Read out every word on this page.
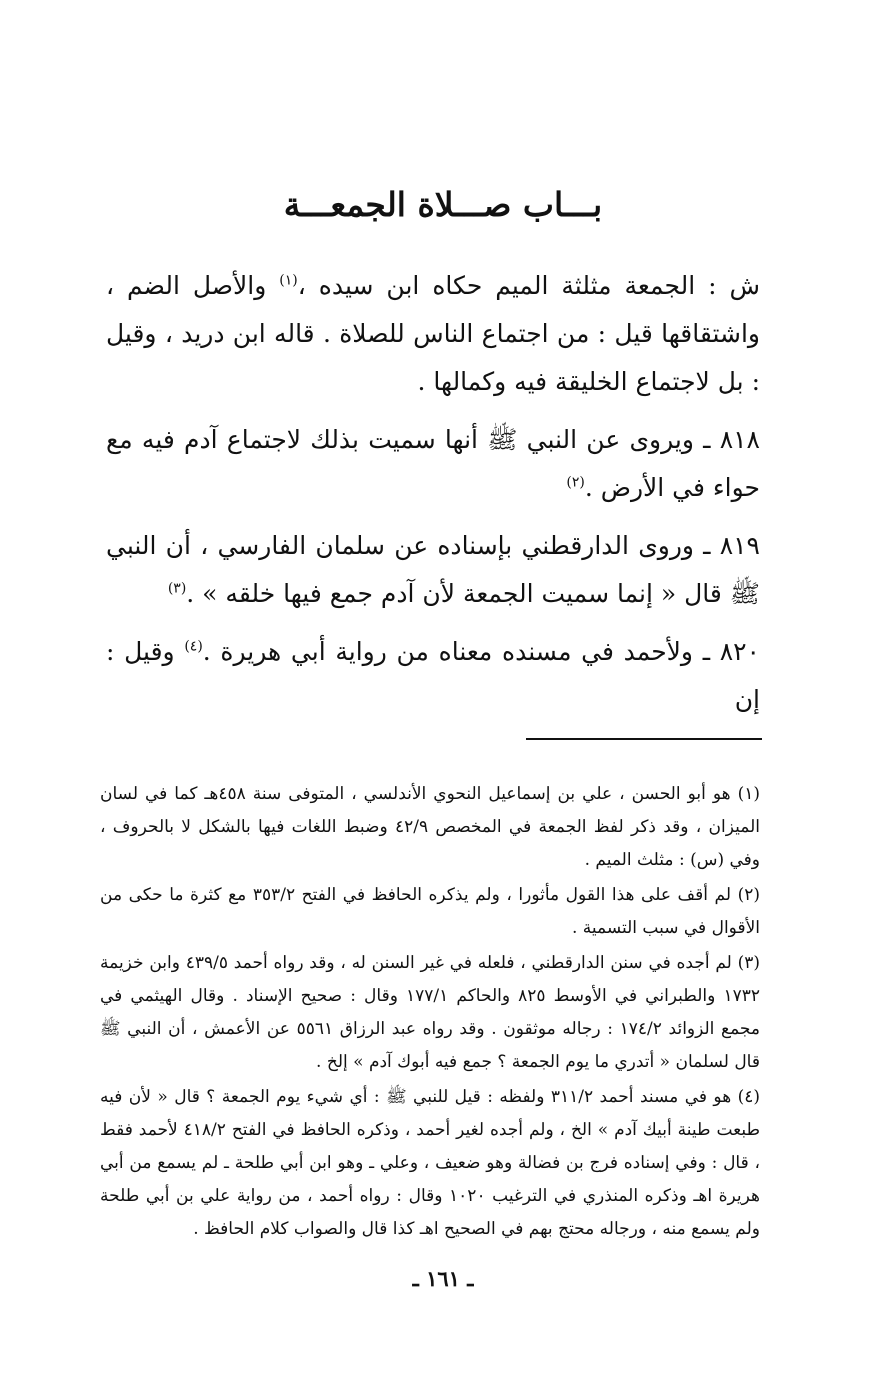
بـــاب صـــلاة الجمعـــة

ش : الجمعة مثلثة الميم حكاه ابن سيده ،$^{(١)}$ والأصل الضم ، واشتقاقها قيل : من اجتماع الناس للصلاة . قاله ابن دريد ، وقيل : بل لاجتماع الخليقة فيه وكمالها .

٨١٨ ـ ويروى عن النبي ﷺ أنها سميت بذلك لاجتماع آدم فيه مع حواء في الأرض .$^{(٢)}$

٨١٩ ـ وروى الدارقطني بإسناده عن سلمان الفارسي ، أن النبي ﷺ قال « إنما سميت الجمعة لأن آدم جمع فيها خلقه » .$^{(٣)}$

٨٢٠ ـ ولأحمد في مسنده معناه من رواية أبي هريرة .$^{(٤)}$ وقيل : إن

(١) هو أبو الحسن ، علي بن إسماعيل النحوي الأندلسي ، المتوفى سنة ٤٥٨هـ كما في لسان الميزان ، وقد ذكر لفظ الجمعة في المخصص ٤٢/٩ وضبط اللغات فيها بالشكل لا بالحروف ، وفي (س) : مثلث الميم .

(٢) لم أقف على هذا القول مأثورا ، ولم يذكره الحافظ في الفتح ٣٥٣/٢ مع كثرة ما حكى من الأقوال في سبب التسمية .

(٣) لم أجده في سنن الدارقطني ، فلعله في غير السنن له ، وقد رواه أحمد ٤٣٩/٥ وابن خزيمة ١٧٣٢ والطبراني في الأوسط ٨٢٥ والحاكم ١٧٧/١ وقال : صحيح الإسناد . وقال الهيثمي في مجمع الزوائد ١٧٤/٢ : رجاله موثقون . وقد رواه عبد الرزاق ٥٥٦١ عن الأعمش ، أن النبي ﷺ قال لسلمان « أتدري ما يوم الجمعة ؟ جمع فيه أبوك آدم » إلخ .

(٤) هو في مسند أحمد ٣١١/٢ ولفظه : قيل للنبي ﷺ : أي شيء يوم الجمعة ؟ قال « لأن فيه طبعت طينة أبيك آدم » الخ ، ولم أجده لغير أحمد ، وذكره الحافظ في الفتح ٤١٨/٢ لأحمد فقط ، قال : وفي إسناده فرج بن فضالة وهو ضعيف ، وعلي ـ وهو ابن أبي طلحة ـ لم يسمع من أبي هريرة اهـ وذكره المنذري في الترغيب ١٠٢٠ وقال : رواه أحمد ، من رواية علي بن أبي طلحة ولم يسمع منه ، ورجاله محتج بهم في الصحيح اهـ كذا قال والصواب كلام الحافظ .

ـ ١٦١ ـ
